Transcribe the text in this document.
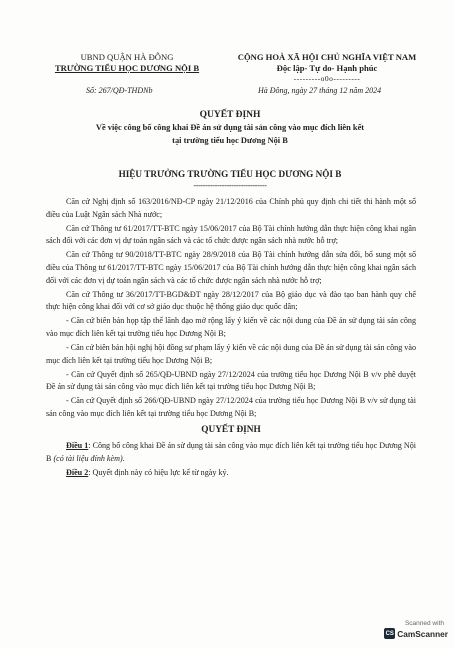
UBND QUẬN HÀ ĐÔNG
TRƯỜNG TIỂU HỌC DƯƠNG NỘI B
CỘNG HOÀ XÃ HỘI CHỦ NGHĨA VIỆT NAM
Độc lập- Tự do- Hạnh phúc
---------o0o---------
Số: 267/QĐ-THDNb	Hà Đông, ngày 27 tháng 12 năm 2024
QUYẾT ĐỊNH
Về việc công bố công khai Đề án sử dụng tài sản công vào mục đích liên kết
tại trường tiểu học Dương Nội B
HIỆU TRƯỞNG TRƯỜNG TIỂU HỌC DƯƠNG NỘI B
-------------------------------

Căn cứ Nghị định số 163/2016/NĐ-CP ngày 21/12/2016 của Chính phủ quy định chi tiết thi hành một số điều của Luật Ngân sách Nhà nước;

Căn cứ Thông tư 61/2017/TT-BTC ngày 15/06/2017 của Bộ Tài chính hướng dẫn thực hiện công khai ngân sách đối với các đơn vị dự toán ngân sách và các tổ chức được ngân sách nhà nước hỗ trợ;

Căn cứ Thông tư 90/2018/TT-BTC ngày 28/9/2018 của Bộ Tài chính hướng dẫn sửa đổi, bổ sung một số điều của Thông tư 61/2017/TT-BTC ngày 15/06/2017 của Bộ Tài chính hướng dẫn thực hiện công khai ngân sách đối với các đơn vị dự toán ngân sách và các tổ chức được ngân sách nhà nước hỗ trợ;

Căn cứ Thông tư 36/2017/TT-BGD&ĐT ngày 28/12/2017 của Bộ giáo dục và đào tạo ban hành quy chế thực hiện công khai đối với cơ sở giáo dục thuộc hệ thống giáo dục quốc dân;

- Căn cứ biên bản họp tập thể lãnh đạo mở rộng lấy ý kiến về các nội dung của Đề án sử dụng tài sản công vào mục đích liên kết tại trường tiểu học Dương Nội B;

- Căn cứ biên bản hội nghị hội đồng sư phạm lấy ý kiến về các nội dung của Đề án sử dụng tài sản công vào mục đích liên kết tại trường tiểu học Dương Nội B;

- Căn cứ Quyết định số 265/QĐ-UBND ngày 27/12/2024 của trường tiểu học Dương Nội B v/v phê duyệt Đề án sử dụng tài sản công vào mục đích liên kết tại trường tiểu học Dương Nội B;

- Căn cứ Quyết định số 266/QĐ-UBND ngày 27/12/2024 của trường tiểu học Dương Nội B v/v sử dụng tài sản công vào mục đích liên kết tại trường tiểu học Dương Nội B;

QUYẾT ĐỊNH

Điều 1: Công bố công khai Đề án sử dụng tài sản công vào mục đích liên kết tại trường tiểu học Dương Nội B (có tài liệu đính kèm).

Điều 2: Quyết định này có hiệu lực kể từ ngày ký.

Scanned with
CS CamScanner
